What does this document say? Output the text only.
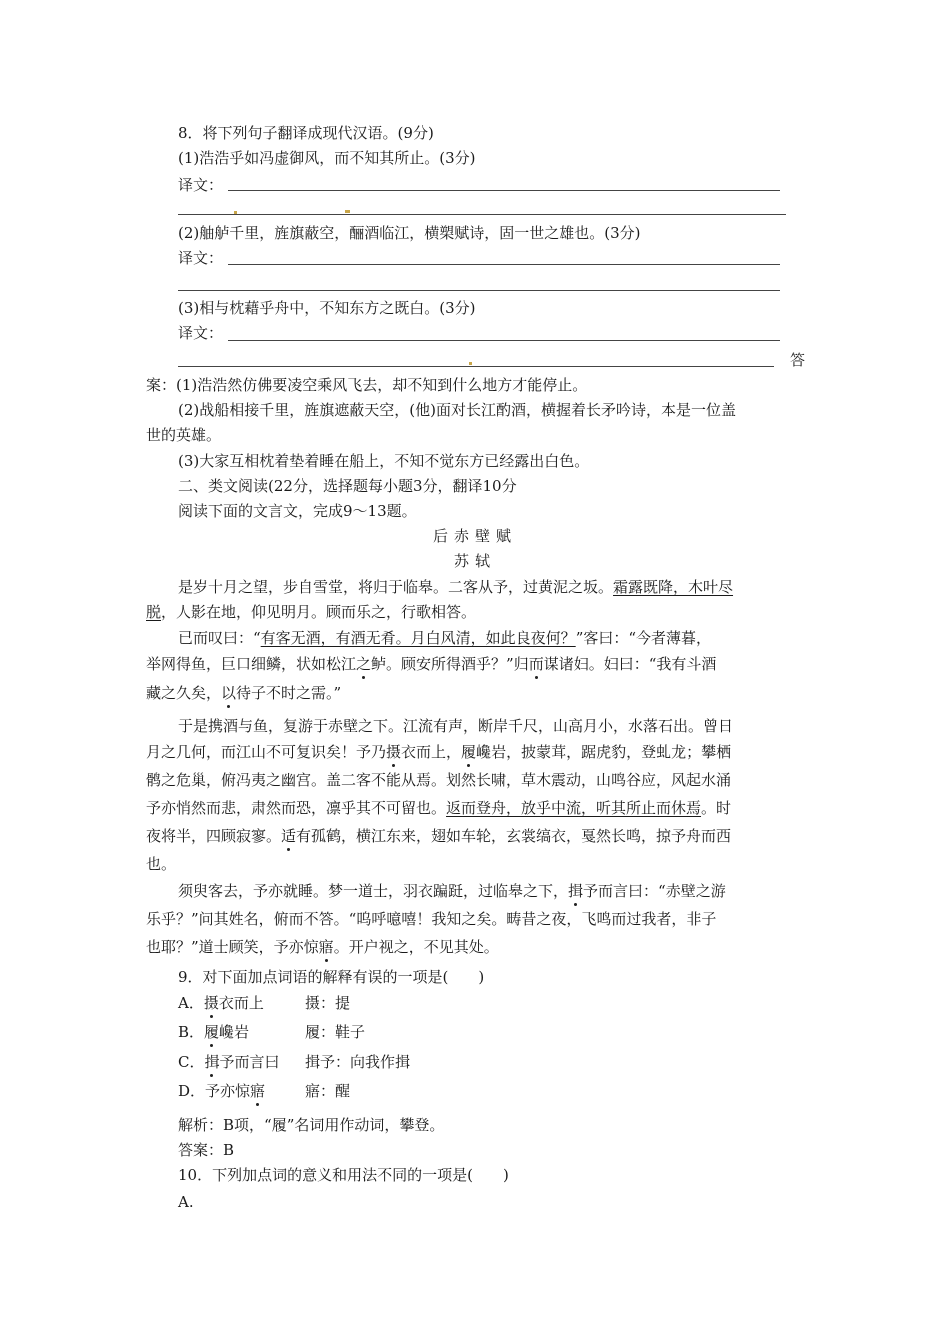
8．将下列句子翻译成现代汉语。(9分)
(1)浩浩乎如冯虚御风，而不知其所止。(3分)
译文：
(2)舳舻千里，旌旗蔽空，酾酒临江，横槊赋诗，固一世之雄也。(3分)
译文：
(3)相与枕藉乎舟中，不知东方之既白。(3分)
译文：
答
案：(1)浩浩然仿佛要凌空乘风飞去，却不知到什么地方才能停止。
(2)战船相接千里，旌旗遮蔽天空，(他)面对长江酌酒，横握着长矛吟诗，本是一位盖
世的英雄。
(3)大家互相枕着垫着睡在船上，不知不觉东方已经露出白色。
二、类文阅读(22分，选择题每小题3分，翻译10分
阅读下面的文言文，完成9～13题。
后赤壁赋
苏轼
是岁十月之望，步自雪堂，将归于临皋。二客从予，过黄泥之坂。霜露既降，木叶尽
脱，人影在地，仰见明月。顾而乐之，行歌相答。
已而叹曰：“有客无酒，有酒无肴。月白风清，如此良夜何？”客曰：“今者薄暮，
举网得鱼，巨口细鳞，状如松江之鲈。顾安所得酒乎？”归而谋诸妇。妇曰：“我有斗酒
藏之久矣，以待子不时之需。”
于是携酒与鱼，复游于赤壁之下。江流有声，断岸千尺，山高月小，水落石出。曾日
月之几何，而江山不可复识矣！予乃摄衣而上，履巉岩，披蒙茸，踞虎豹，登虬龙；攀栖
鹘之危巢，俯冯夷之幽宫。盖二客不能从焉。划然长啸，草木震动，山鸣谷应，风起水涌
予亦悄然而悲，肃然而恐，凛乎其不可留也。返而登舟，放乎中流，听其所止而休焉。时
夜将半，四顾寂寥。适有孤鹤，横江东来，翅如车轮，玄裳缟衣，戛然长鸣，掠予舟而西
也。
须臾客去，予亦就睡。梦一道士，羽衣蹁跹，过临皋之下，揖予而言曰：“赤壁之游
乐乎？”问其姓名，俯而不答。“呜呼噫嘻！我知之矣。畴昔之夜，飞鸣而过我者，非子
也耶？”道士顾笑，予亦惊寤。开户视之，不见其处。
9．对下面加点词语的解释有误的一项是(　　)
A．摄衣而上	摄：提
B．履巉岩	履：鞋子
C．揖予而言曰 揖予：向我作揖
D．予亦惊寤	寤：醒
解析：B项，“履”名词用作动词，攀登。
答案：B
10．下列加点词的意义和用法不同的一项是(　　)
A.
